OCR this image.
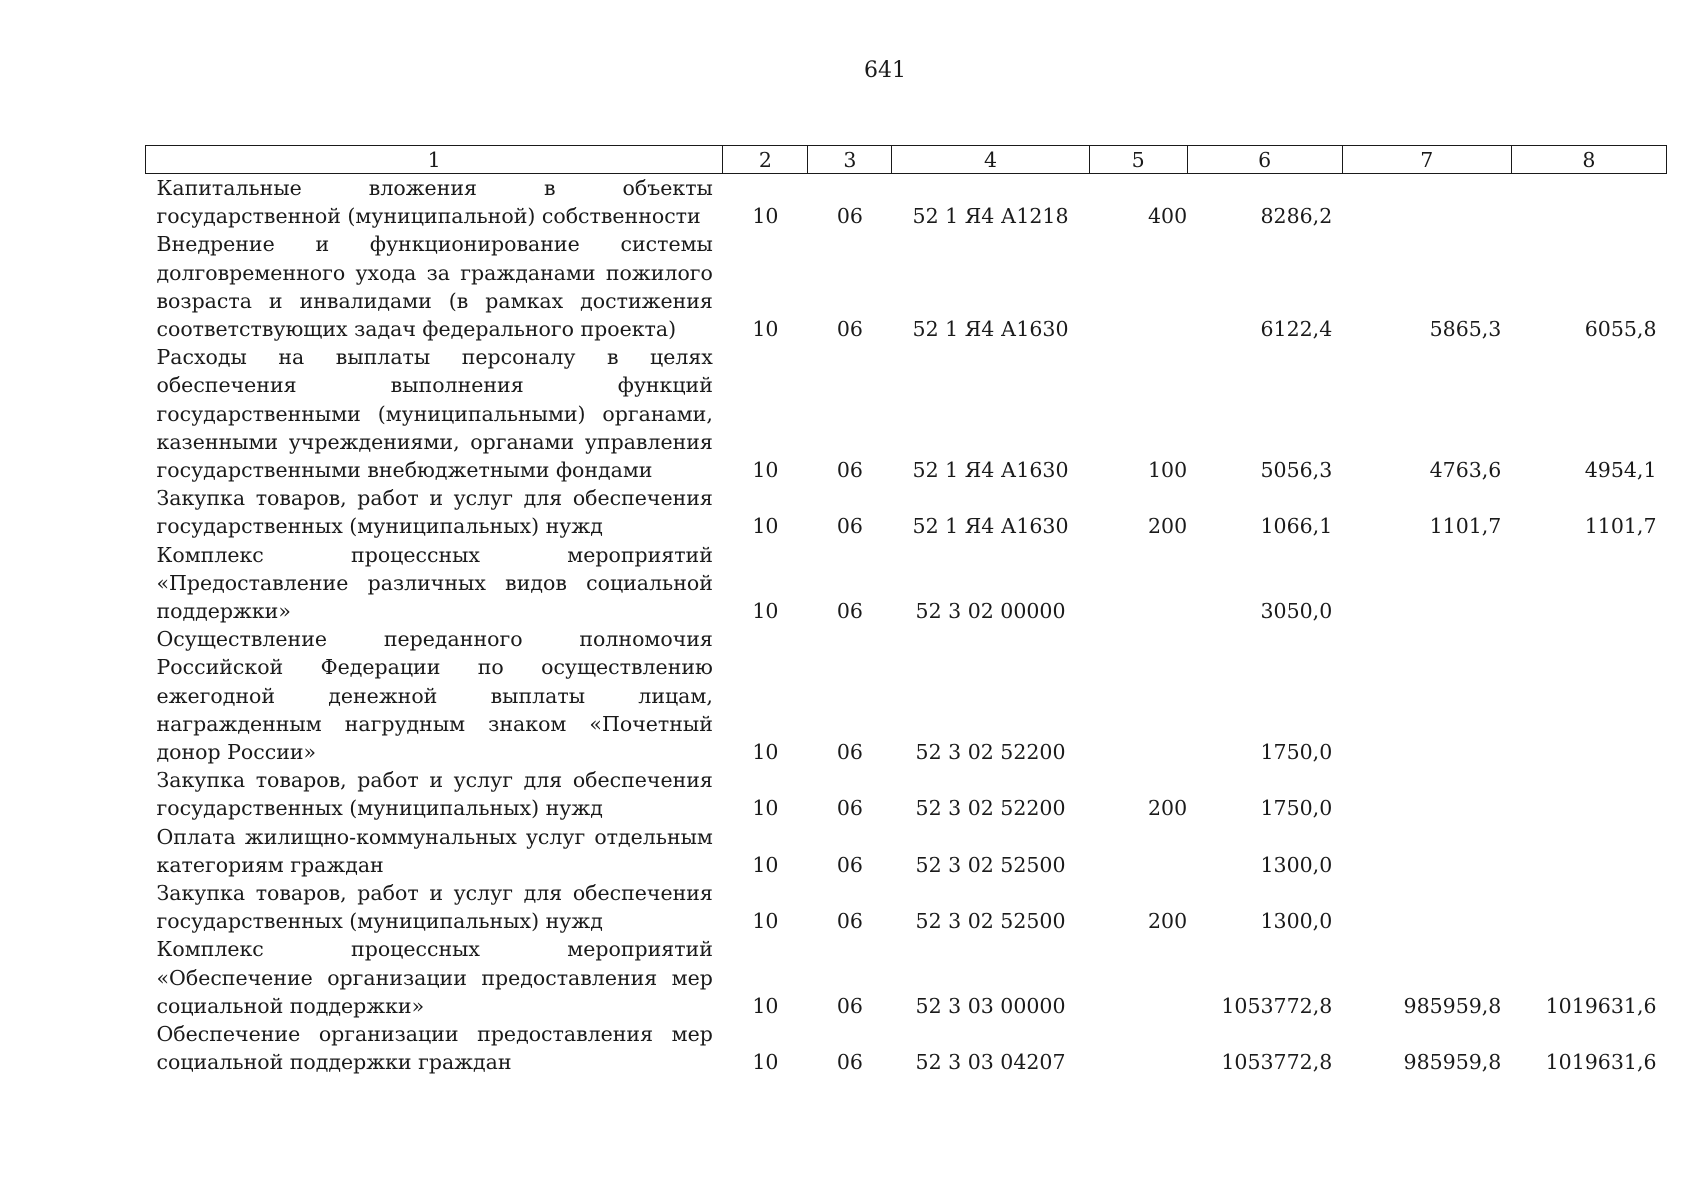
641
1	2	3	4	5	6	7	8
Капитальные вложения в объекты государственной (муниципальной) собственности	10	06	52 1 Я4 А1218	400	8286,2		
Внедрение и функционирование системы долговременного ухода за гражданами пожилого возраста и инвалидами (в рамках достижения соответствующих задач федерального проекта)	10	06	52 1 Я4 А1630		6122,4	5865,3	6055,8
Расходы на выплаты персоналу в целях обеспечения выполнения функций государственными (муниципальными) органами, казенными учреждениями, органами управления государственными внебюджетными фондами	10	06	52 1 Я4 А1630	100	5056,3	4763,6	4954,1
Закупка товаров, работ и услуг для обеспечения государственных (муниципальных) нужд	10	06	52 1 Я4 А1630	200	1066,1	1101,7	1101,7
Комплекс процессных мероприятий «Предоставление различных видов социальной поддержки»	10	06	52 3 02 00000		3050,0		
Осуществление переданного полномочия Российской Федерации по осуществлению ежегодной денежной выплаты лицам, награжденным нагрудным знаком «Почетный донор России»	10	06	52 3 02 52200		1750,0		
Закупка товаров, работ и услуг для обеспечения государственных (муниципальных) нужд	10	06	52 3 02 52200	200	1750,0		
Оплата жилищно-коммунальных услуг отдельным категориям граждан	10	06	52 3 02 52500		1300,0		
Закупка товаров, работ и услуг для обеспечения государственных (муниципальных) нужд	10	06	52 3 02 52500	200	1300,0		
Комплекс процессных мероприятий «Обеспечение организации предоставления мер социальной поддержки»	10	06	52 3 03 00000		1053772,8	985959,8	1019631,6
Обеспечение организации предоставления мер социальной поддержки граждан	10	06	52 3 03 04207		1053772,8	985959,8	1019631,6
